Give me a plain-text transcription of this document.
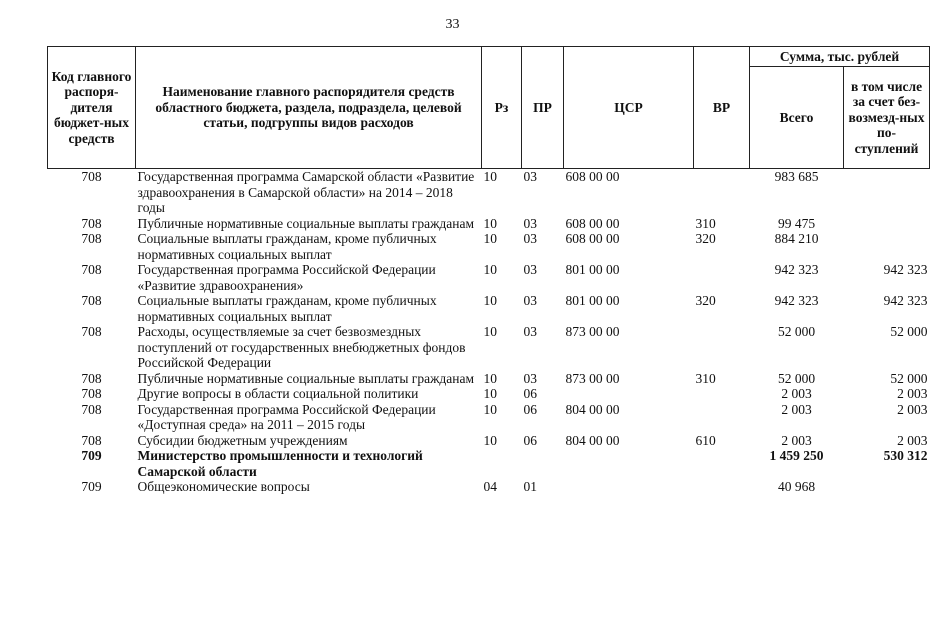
33
Код главного распоря-дителя бюджет-ных средств	Наименование главного распорядителя средств областного бюджета, раздела, подраздела, целевой статьи, подгруппы видов расходов	Рз	ПР	ЦСР	ВР	Сумма, тыс. рублей	
						Всего	в том числе за счет без-возмезд-ных по-ступлений
708	Государственная программа Самарской области «Развитие здравоохранения в Самарской области» на 2014 – 2018 годы	10	03	608 00 00		983 685	
708	Публичные нормативные социальные выплаты гражданам	10	03	608 00 00	310	99 475	
708	Социальные выплаты гражданам, кроме публичных нормативных социальных выплат	10	03	608 00 00	320	884 210	
708	Государственная программа Российской Федерации «Развитие здравоохранения»	10	03	801 00 00		942 323	942 323
708	Социальные выплаты гражданам, кроме публичных нормативных социальных выплат	10	03	801 00 00	320	942 323	942 323
708	Расходы, осуществляемые за счет безвозмездных поступлений от государственных внебюджетных фондов Российской Федерации	10	03	873 00 00		52 000	52 000
708	Публичные нормативные социальные выплаты гражданам	10	03	873 00 00	310	52 000	52 000
708	Другие вопросы в области социальной политики	10	06			2 003	2 003
708	Государственная программа Российской Федерации «Доступная среда» на 2011 – 2015 годы	10	06	804 00 00		2 003	2 003
708	Субсидии бюджетным учреждениям	10	06	804 00 00	610	2 003	2 003
709	Министерство промышленности и технологий Самарской области					1 459 250	530 312
709	Общеэкономические вопросы	04	01			40 968	
